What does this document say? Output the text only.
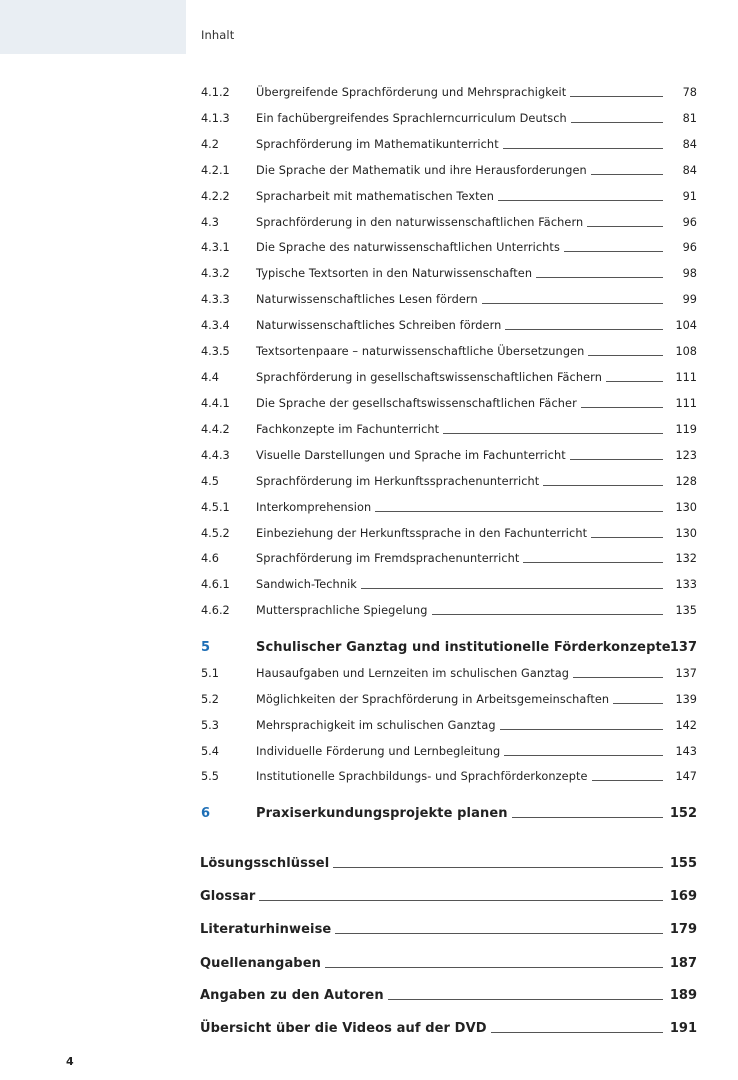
Inhalt
4.1.2 Übergreifende Sprachförderung und Mehrsprachigkeit	78
4.1.3 Ein fachübergreifendes Sprachlerncurriculum Deutsch	81
4.2	Sprachförderung im Mathematikunterricht	84
4.2.1 Die Sprache der Mathematik und ihre Herausforderungen	84
4.2.2 Spracharbeit mit mathematischen Texten	91
4.3	Sprachförderung in den naturwissenschaftlichen Fächern	96
4.3.1 Die Sprache des naturwissenschaftlichen Unterrichts	96
4.3.2 Typische Textsorten in den Naturwissenschaften	98
4.3.3 Naturwissenschaftliches Lesen fördern	99
4.3.4 Naturwissenschaftliches Schreiben fördern	104
4.3.5 Textsortenpaare – naturwissenschaftliche Übersetzungen	108
4.4	Sprachförderung in gesellschaftswissenschaftlichen Fächern	111
4.4.1 Die Sprache der gesellschaftswissenschaftlichen Fächer	111
4.4.2 Fachkonzepte im Fachunterricht	119
4.4.3 Visuelle Darstellungen und Sprache im Fachunterricht	123
4.5	Sprachförderung im Herkunftssprachenunterricht	128
4.5.1 Interkomprehension	130
4.5.2 Einbeziehung der Herkunftssprache in den Fachunterricht	130
4.6	Sprachförderung im Fremdsprachenunterricht	132
4.6.1 Sandwich-Technik	133
4.6.2 Muttersprachliche Spiegelung	135
5	Schulischer Ganztag und institutionelle Förderkonzepte 137
5.1	Hausaufgaben und Lernzeiten im schulischen Ganztag	137
5.2	Möglichkeiten der Sprachförderung in Arbeitsgemeinschaften	139
5.3	Mehrsprachigkeit im schulischen Ganztag	142
5.4	Individuelle Förderung und Lernbegleitung	143
5.5	Institutionelle Sprachbildungs- und Sprachförderkonzepte	147
6	Praxiserkundungsprojekte planen	152
Lösungsschlüssel	155
Glossar	169
Literaturhinweise	179
Quellenangaben	187
Angaben zu den Autoren	189
Übersicht über die Videos auf der DVD	191
4
